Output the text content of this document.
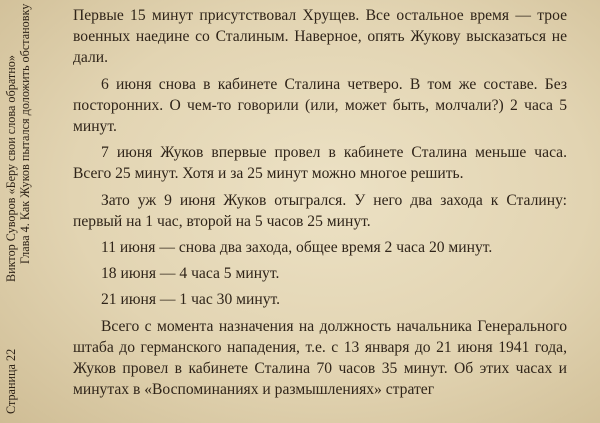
Страница 22Виктор Суворов «Беру свои слова обратно» Глава 4. Как Жуков пытался доложить обстановку	Первые 15 минут присутствовал Хрущев. Все остальное время — трое военных наедине со Сталиным. Наверное, опять Жукову высказаться не дали.

6 июня снова в кабинете Сталина четверо. В том же составе. Без посторонних. О чем-то говорили (или, может быть, молчали?) 2 часа 5 минут.

7 июня Жуков впервые провел в кабинете Сталина меньше часа. Всего 25 минут. Хотя и за 25 минут можно многое решить.

Зато уж 9 июня Жуков отыгрался. У него два захода к Сталину: первый на 1 час, второй на 5 часов 25 минут.

11 июня — снова два захода, общее время 2 часа 20 минут.

18 июня — 4 часа 5 минут.

21 июня — 1 час 30 минут.

Всего с момента назначения на должность начальника Генерального штаба до германского нападения, т.е. с 13 января до 21 июня 1941 года, Жуков провел в кабинете Сталина 70 часов 35 минут. Об этих часах и минутах в «Воспоминаниях и размышлениях» стратег
